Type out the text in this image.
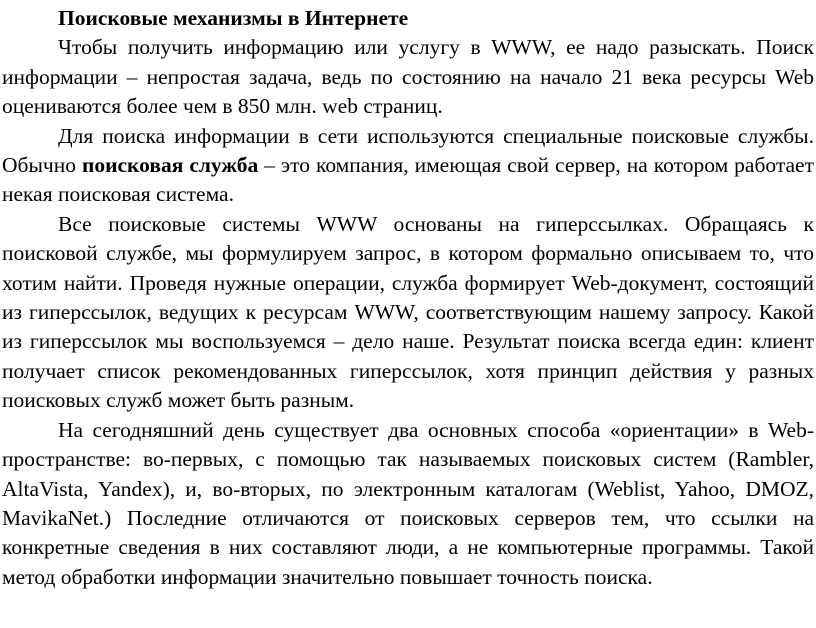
Поисковые механизмы в Интернете

Чтобы получить информацию или услугу в WWW, ее надо разыскать. Поиск информации – непростая задача, ведь по состоянию на начало 21 века ресурсы Web оцениваются более чем в 850 млн. web страниц.

Для поиска информации в сети используются специальные поисковые службы. Обычно поисковая служба – это компания, имеющая свой сервер, на котором работает некая поисковая система.

Все поисковые системы WWW основаны на гиперссылках. Обращаясь к поисковой службе, мы формулируем запрос, в котором формально описываем то, что хотим найти. Проведя нужные операции, служба формирует Web-документ, состоящий из гиперссылок, ведущих к ресурсам WWW, соответствующим нашему запросу. Какой из гиперссылок мы воспользуемся – дело наше. Результат поиска всегда един: клиент получает список рекомендованных гиперссылок, хотя принцип действия у разных поисковых служб может быть разным.

На сегодняшний день существует два основных способа «ориентации» в Web-пространстве: во-первых, с помощью так называемых поисковых систем (Rambler, AltaVista, Yandex), и, во-вторых, по электронным каталогам (Weblist, Yahoo, DMOZ, MavikaNet.) Последние отличаются от поисковых серверов тем, что ссылки на конкретные сведения в них составляют люди, а не компьютерные программы. Такой метод обработки информации значительно повышает точность поиска.
